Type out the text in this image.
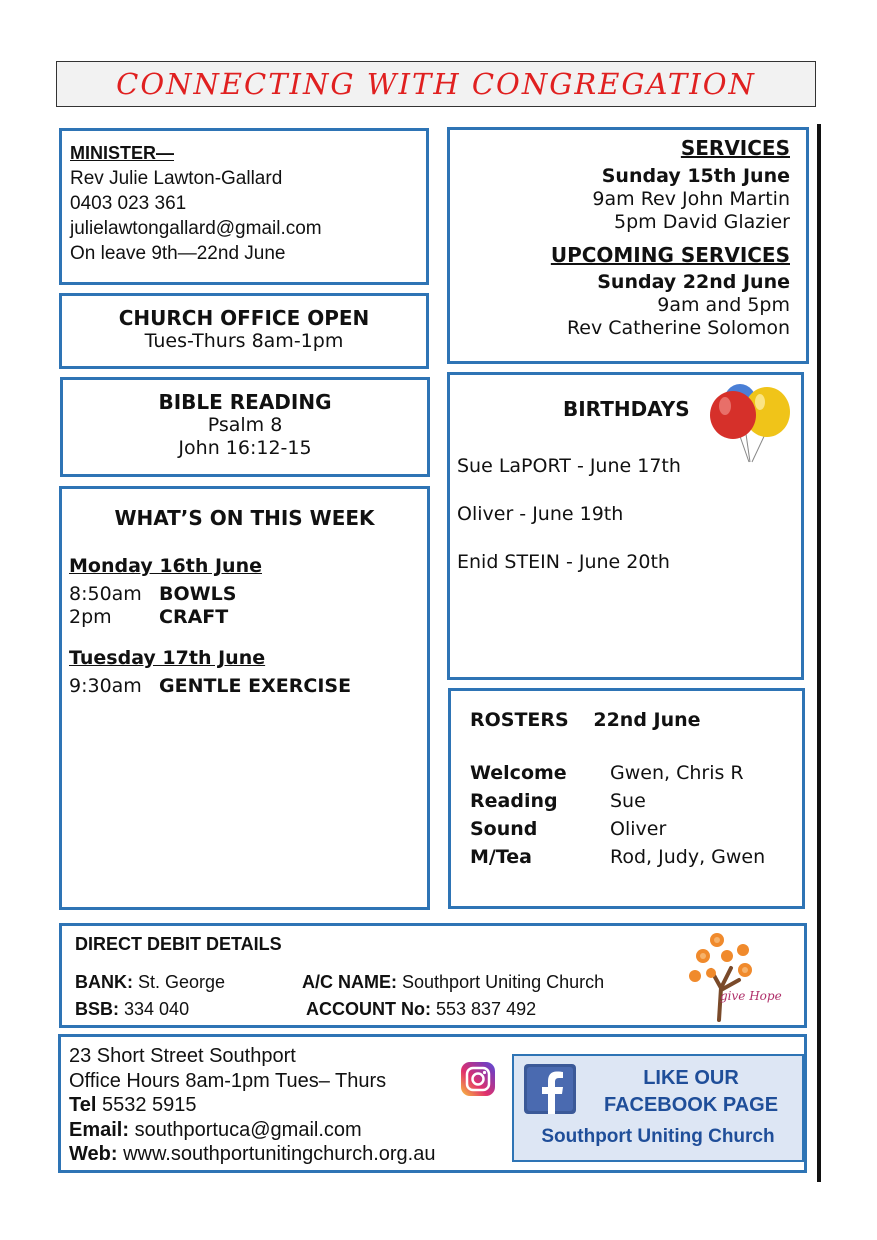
CONNECTING WITH CONGREGATION
MINISTER—
Rev Julie Lawton-Gallard
0403 023 361
julielawtongallard@gmail.com
On leave 9th—22nd June
CHURCH OFFICE OPEN
Tues-Thurs 8am-1pm
BIBLE READING
Psalm 8
John 16:12-15
WHAT’S ON THIS WEEK
Monday 16th June
8:50am BOWLS
2pm	CRAFT
Tuesday 17th June
9:30am GENTLE EXERCISE
SERVICES
Sunday 15th June
9am Rev John Martin
5pm David Glazier
UPCOMING SERVICES
Sunday 22nd June
9am and 5pm
Rev Catherine Solomon
BIRTHDAYS
Sue LaPORT - June 17th
Oliver - June 19th
Enid STEIN - June 20th
ROSTERS 22nd June
Welcome	Gwen, Chris R
Reading	Sue
Sound	Oliver
M/Tea	Rod, Judy, Gwen
DIRECT DEBIT DETAILS
BANK: St. George	A/C NAME: Southport Uniting Church
BSB: 334 040	ACCOUNT No: 553 837 492
give Hope
23 Short Street Southport
Office Hours 8am-1pm Tues– Thurs
Tel 5532 5915
Email: southportuca@gmail.com
Web: www.southportunitingchurch.org.au
LIKE OUR
FACEBOOK PAGE
Southport Uniting Church
